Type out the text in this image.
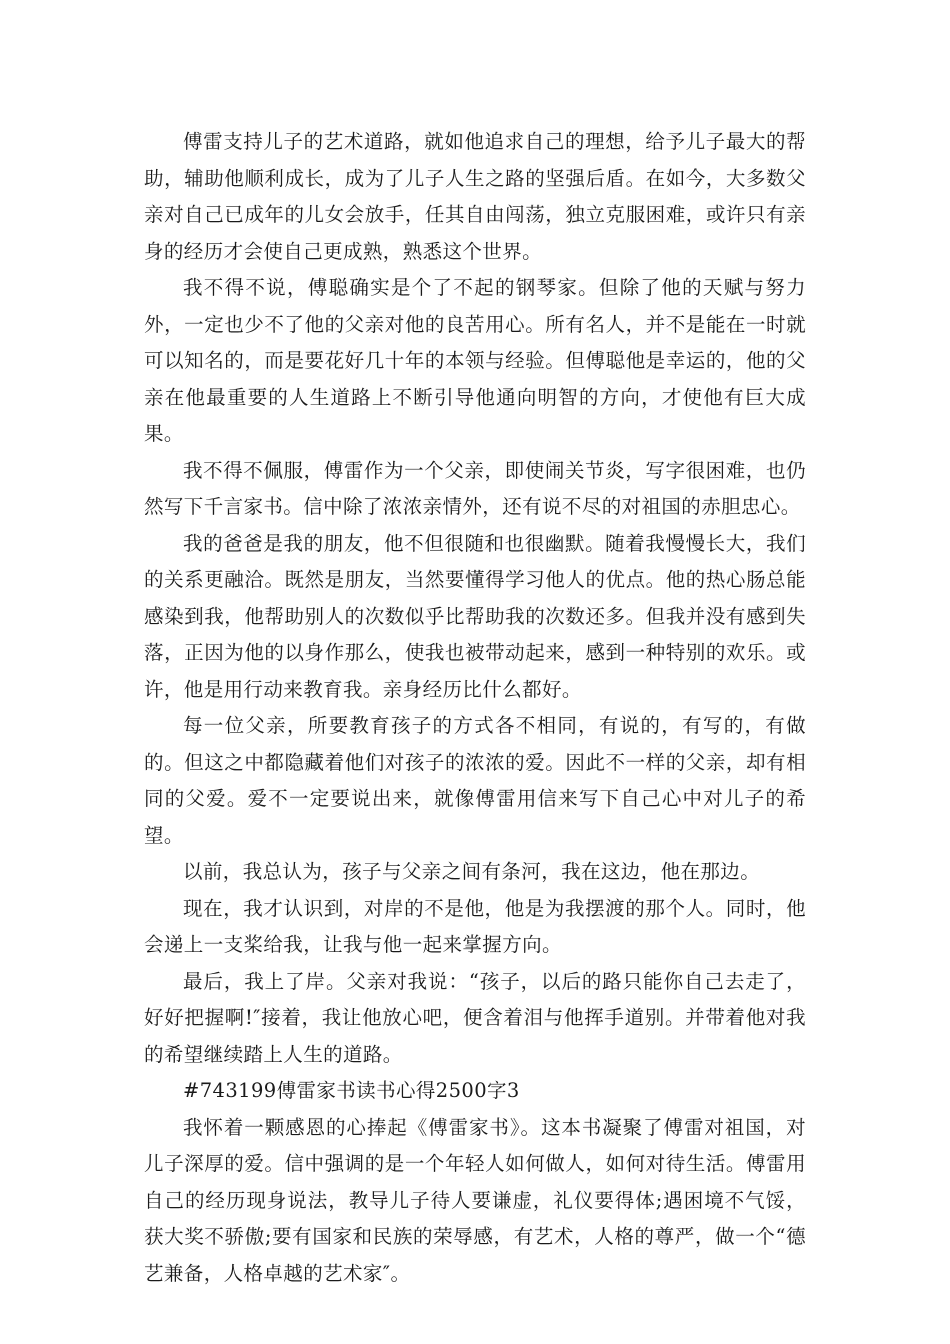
傅雷支持儿子的艺术道路，就如他追求自己的理想，给予儿子最大的帮助，辅助他顺利成长，成为了儿子人生之路的坚强后盾。在如今，大多数父亲对自己已成年的儿女会放手，任其自由闯荡，独立克服困难，或许只有亲身的经历才会使自己更成熟，熟悉这个世界。

我不得不说，傅聪确实是个了不起的钢琴家。但除了他的天赋与努力外，一定也少不了他的父亲对他的良苦用心。所有名人，并不是能在一时就可以知名的，而是要花好几十年的本领与经验。但傅聪他是幸运的，他的父亲在他最重要的人生道路上不断引导他通向明智的方向，才使他有巨大成果。

我不得不佩服，傅雷作为一个父亲，即使闹关节炎，写字很困难，也仍然写下千言家书。信中除了浓浓亲情外，还有说不尽的对祖国的赤胆忠心。

我的爸爸是我的朋友，他不但很随和也很幽默。随着我慢慢长大，我们的关系更融洽。既然是朋友，当然要懂得学习他人的优点。他的热心肠总能感染到我，他帮助别人的次数似乎比帮助我的次数还多。但我并没有感到失落，正因为他的以身作那么，使我也被带动起来，感到一种特别的欢乐。或许，他是用行动来教育我。亲身经历比什么都好。

每一位父亲，所要教育孩子的方式各不相同，有说的，有写的，有做的。但这之中都隐藏着他们对孩子的浓浓的爱。因此不一样的父亲，却有相同的父爱。爱不一定要说出来，就像傅雷用信来写下自己心中对儿子的希望。

以前，我总认为，孩子与父亲之间有条河，我在这边，他在那边。

现在，我才认识到，对岸的不是他，他是为我摆渡的那个人。同时，他会递上一支桨给我，让我与他一起来掌握方向。

最后，我上了岸。父亲对我说：“孩子，以后的路只能你自己去走了，好好把握啊!″接着，我让他放心吧，便含着泪与他挥手道别。并带着他对我的希望继续踏上人生的道路。

#743199傅雷家书读书心得2500字3

我怀着一颗感恩的心捧起《傅雷家书》。这本书凝聚了傅雷对祖国，对儿子深厚的爱。信中强调的是一个年轻人如何做人，如何对待生活。傅雷用自己的经历现身说法，教导儿子待人要谦虚，礼仪要得体;遇困境不气馁，获大奖不骄傲;要有国家和民族的荣辱感，有艺术，人格的尊严，做一个“德艺兼备，人格卓越的艺术家″。
